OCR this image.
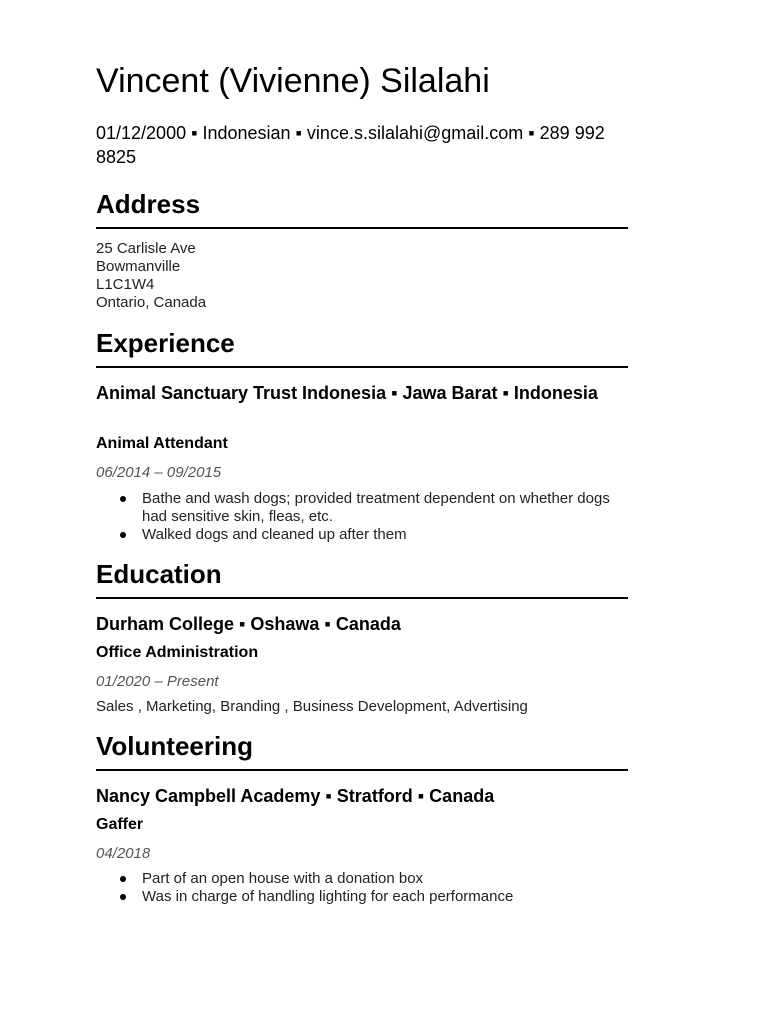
Vincent (Vivienne) Silalahi

01/12/2000 ▪ Indonesian ▪ vince.s.silalahi@gmail.com ▪ 289 992 8825

Address
25 Carlisle Ave
Bowmanville
L1C1W4
Ontario, Canada
Experience
Animal Sanctuary Trust Indonesia ▪ Jawa Barat ▪ Indonesia
Animal Attendant
06/2014 – 09/2015
Bathe and wash dogs; provided treatment dependent on whether dogs had sensitive skin, fleas, etc.
Walked dogs and cleaned up after them
Education
Durham College ▪ Oshawa ▪ Canada
Office Administration
01/2020 – Present
Sales , Marketing, Branding , Business Development, Advertising
Volunteering
Nancy Campbell Academy ▪ Stratford ▪ Canada
Gaffer
04/2018
Part of an open house with a donation box
Was in charge of handling lighting for each performance
